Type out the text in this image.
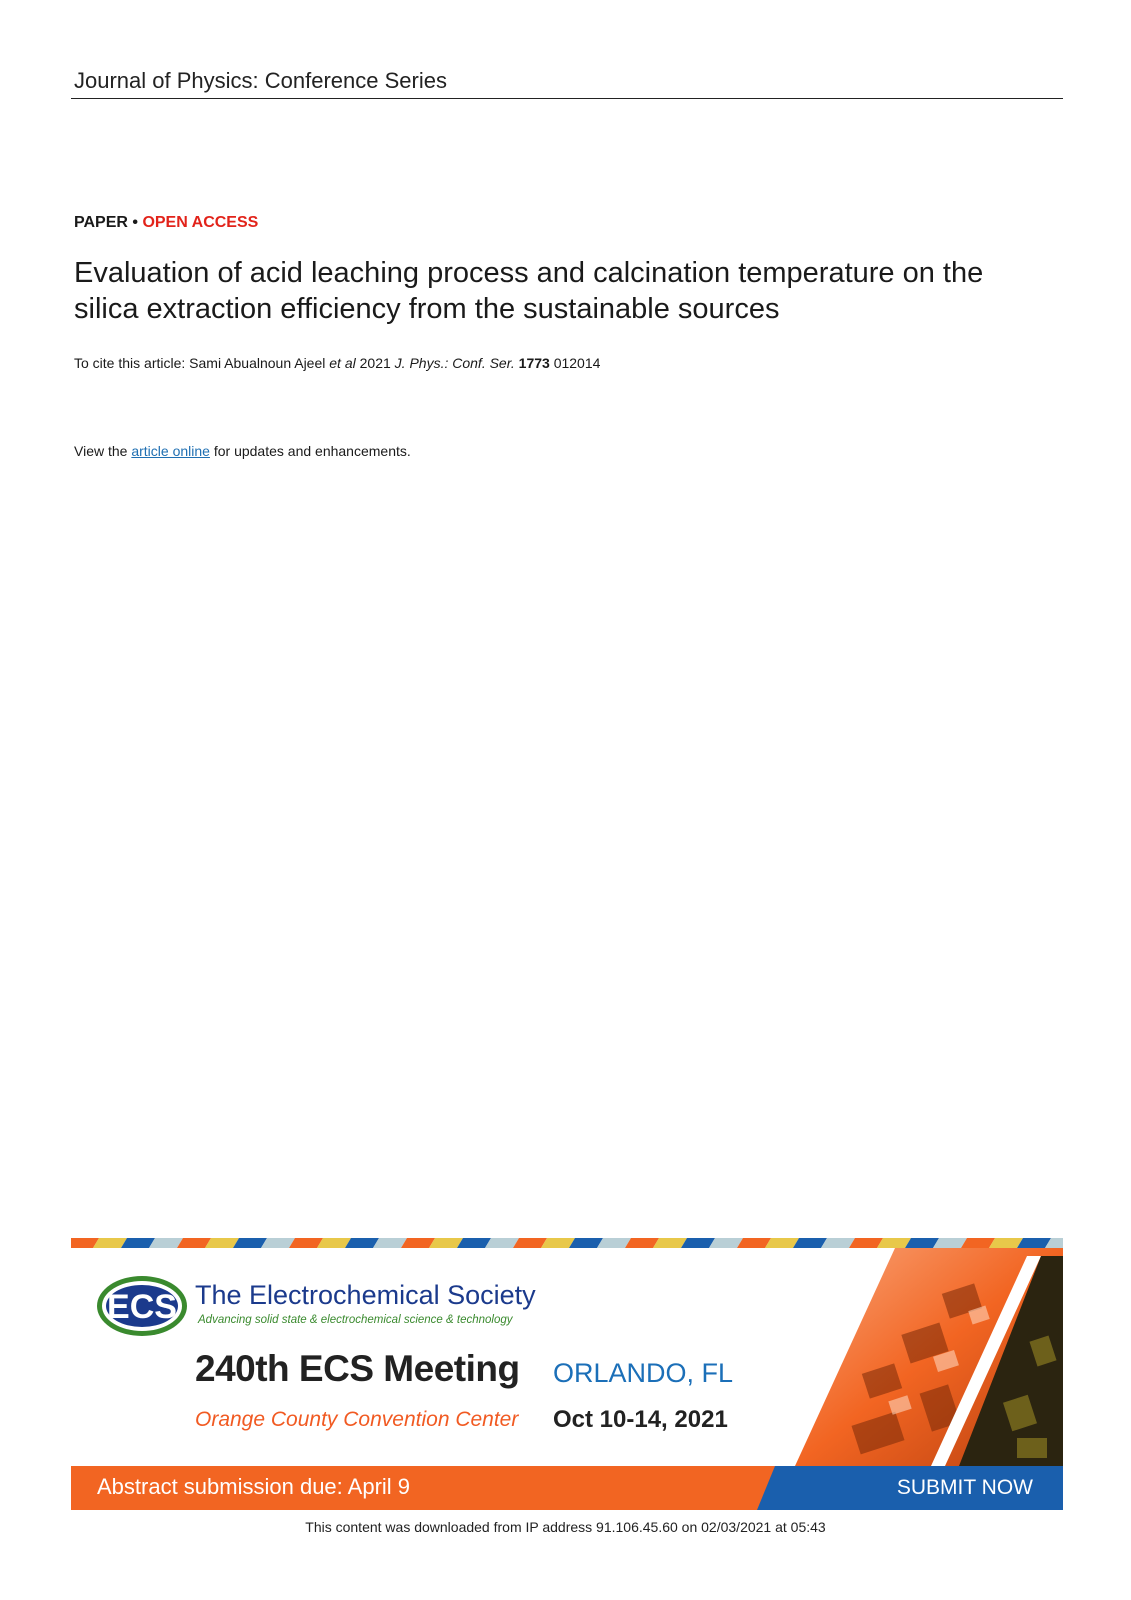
Journal of Physics: Conference Series
PAPER • OPEN ACCESS
Evaluation of acid leaching process and calcination temperature on the
silica extraction efficiency from the sustainable sources
To cite this article: Sami Abualnoun Ajeel et al 2021 J. Phys.: Conf. Ser. 1773 012014
View the article online for updates and enhancements.
ECS The Electrochemical Society
Advancing solid state & electrochemical science & technology
240th ECS Meeting ORLANDO, FL
Orange County Convention Center Oct 10-14, 2021
Abstract submission due: April 9	SUBMIT NOW
This content was downloaded from IP address 91.106.45.60 on 02/03/2021 at 05:43
